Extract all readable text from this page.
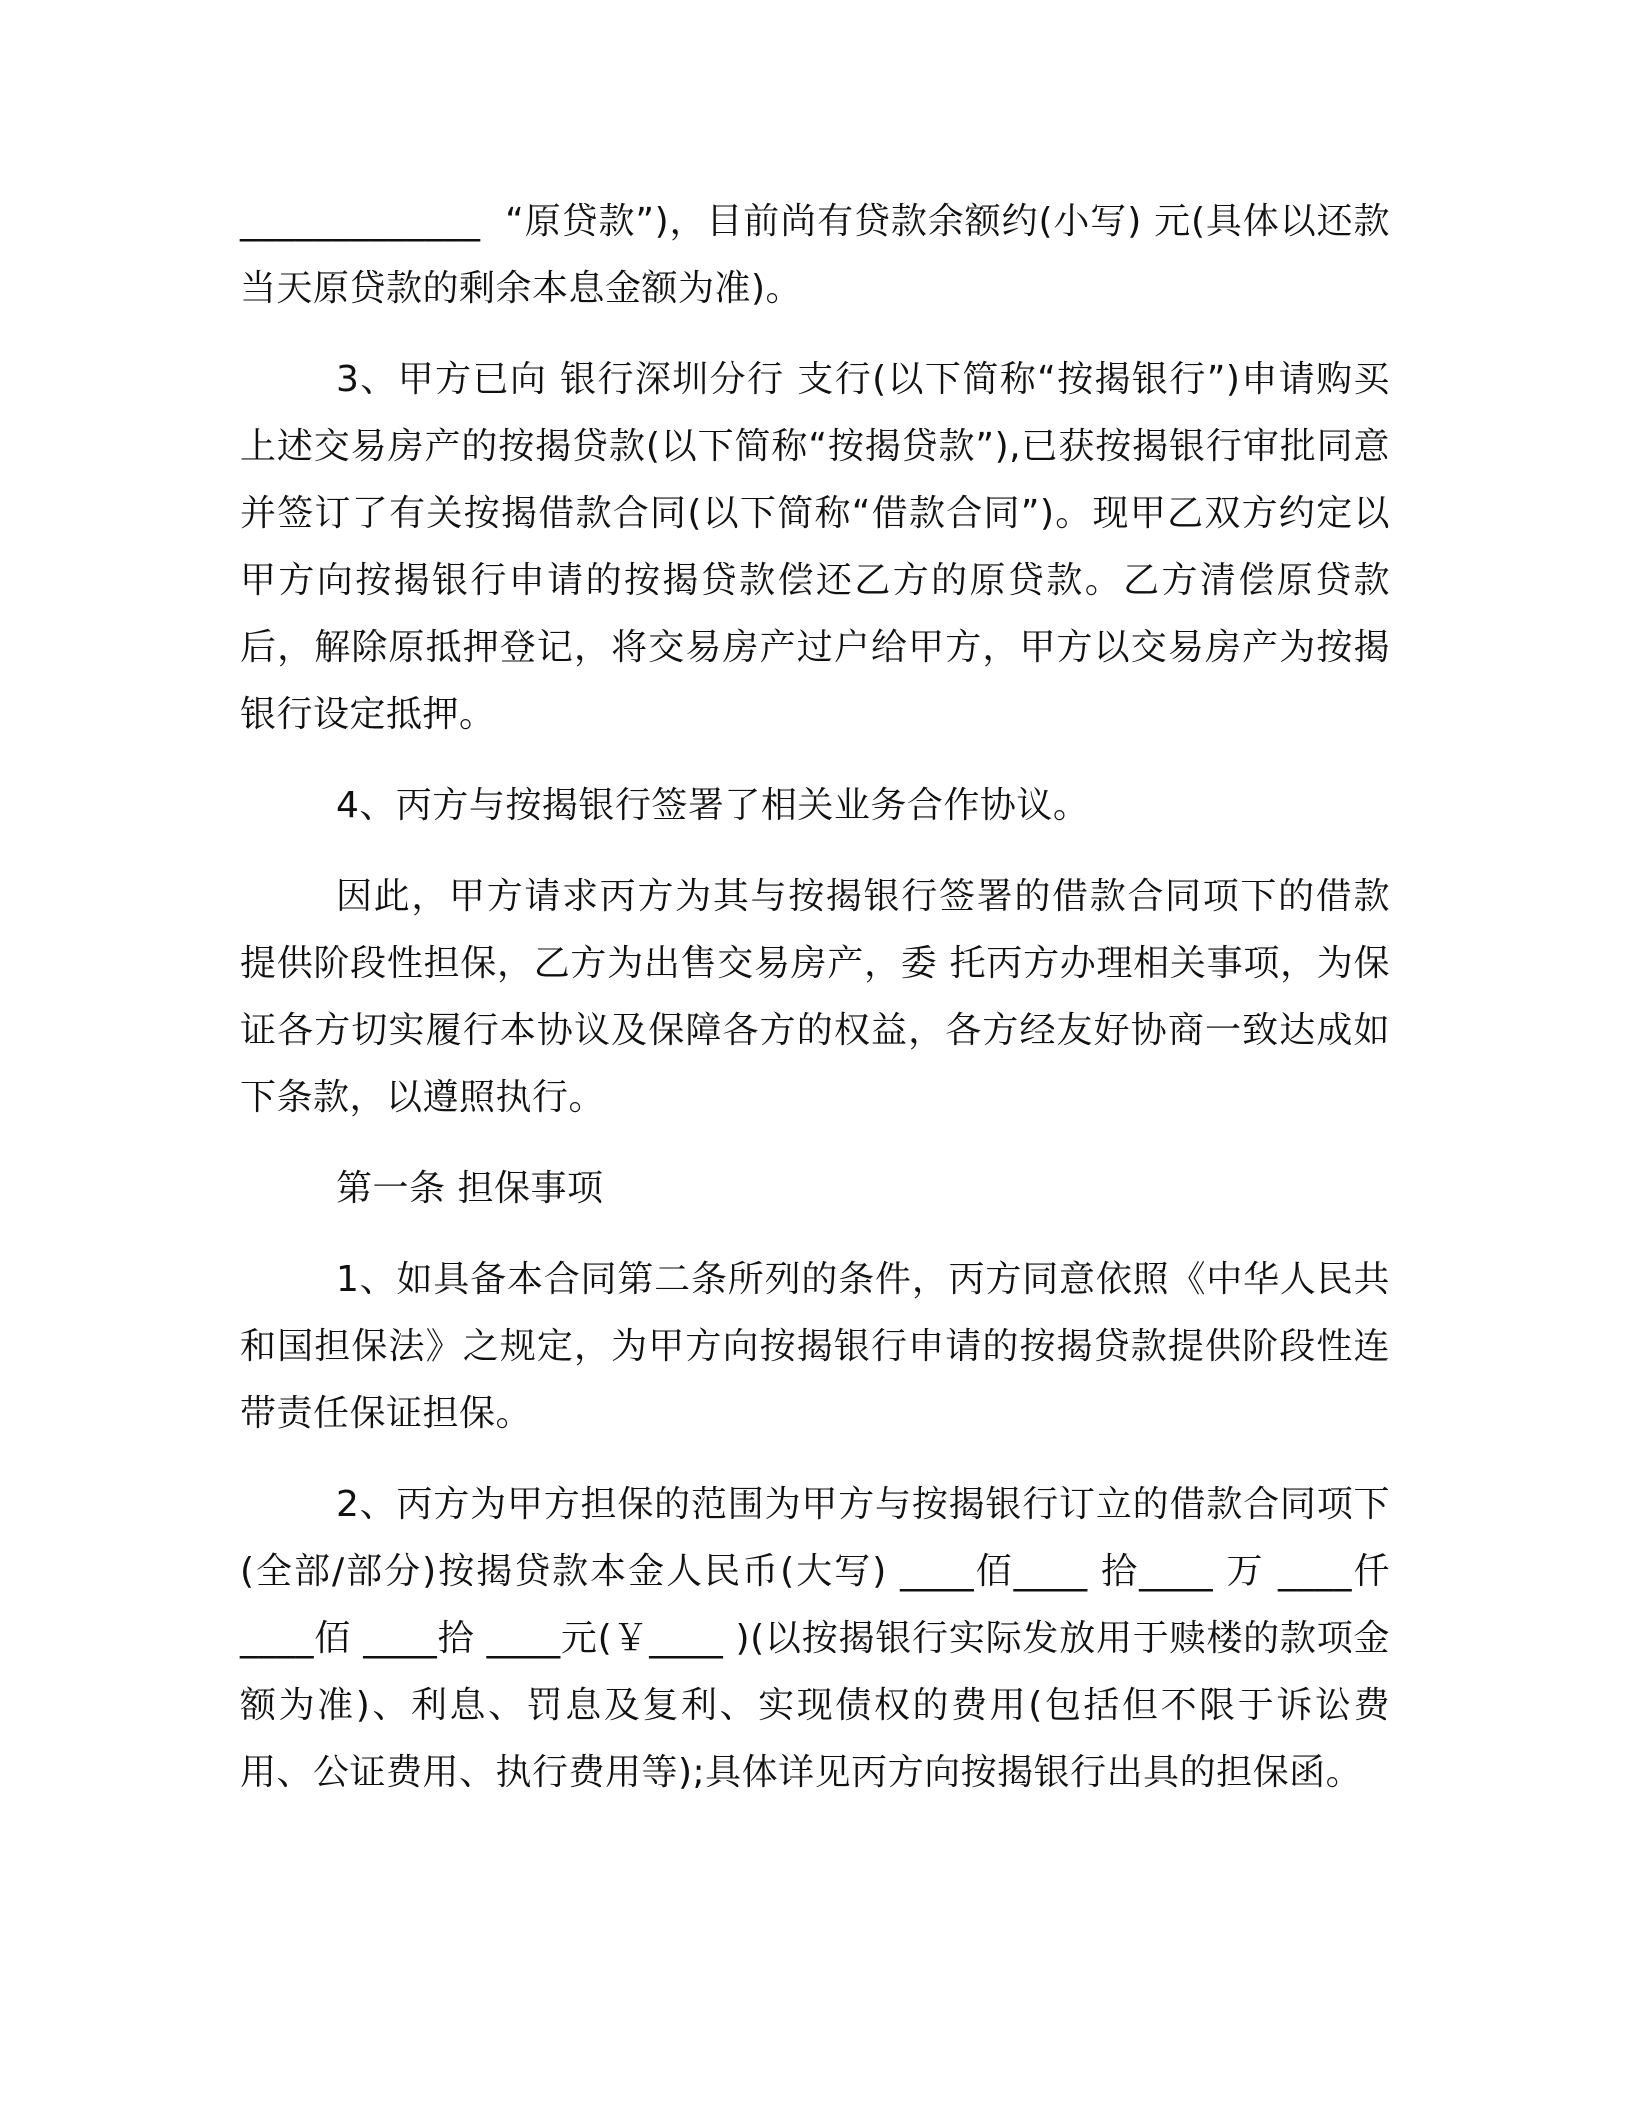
_____________  “原贷款”)，目前尚有贷款余额约(小写) 元(具体以还款当天原贷款的剩余本息金额为准)。

3、甲方已向 银行深圳分行 支行(以下简称“按揭银行”)申请购买上述交易房产的按揭贷款(以下简称“按揭贷款”),已获按揭银行审批同意并签订了有关按揭借款合同(以下简称“借款合同”)。现甲乙双方约定以甲方向按揭银行申请的按揭贷款偿还乙方的原贷款。乙方清偿原贷款后，解除原抵押登记，将交易房产过户给甲方，甲方以交易房产为按揭银行设定抵押。

4、丙方与按揭银行签署了相关业务合作协议。

因此，甲方请求丙方为其与按揭银行签署的借款合同项下的借款提供阶段性担保，乙方为出售交易房产，委 托丙方办理相关事项，为保证各方切实履行本协议及保障各方的权益，各方经友好协商一致达成如下条款，以遵照执行。

第一条 担保事项

1、如具备本合同第二条所列的条件，丙方同意依照《中华人民共和国担保法》之规定，为甲方向按揭银行申请的按揭贷款提供阶段性连带责任保证担保。

2、丙方为甲方担保的范围为甲方与按揭银行订立的借款合同项下 (全部/部分)按揭贷款本金人民币(大写) ____佰____ 拾____ 万 ____仟 ____佰 ____拾 ____元(￥____ )(以按揭银行实际发放用于赎楼的款项金额为准)、利息、罚息及复利、实现债权的费用(包括但不限于诉讼费用、公证费用、执行费用等);具体详见丙方向按揭银行出具的担保函。
